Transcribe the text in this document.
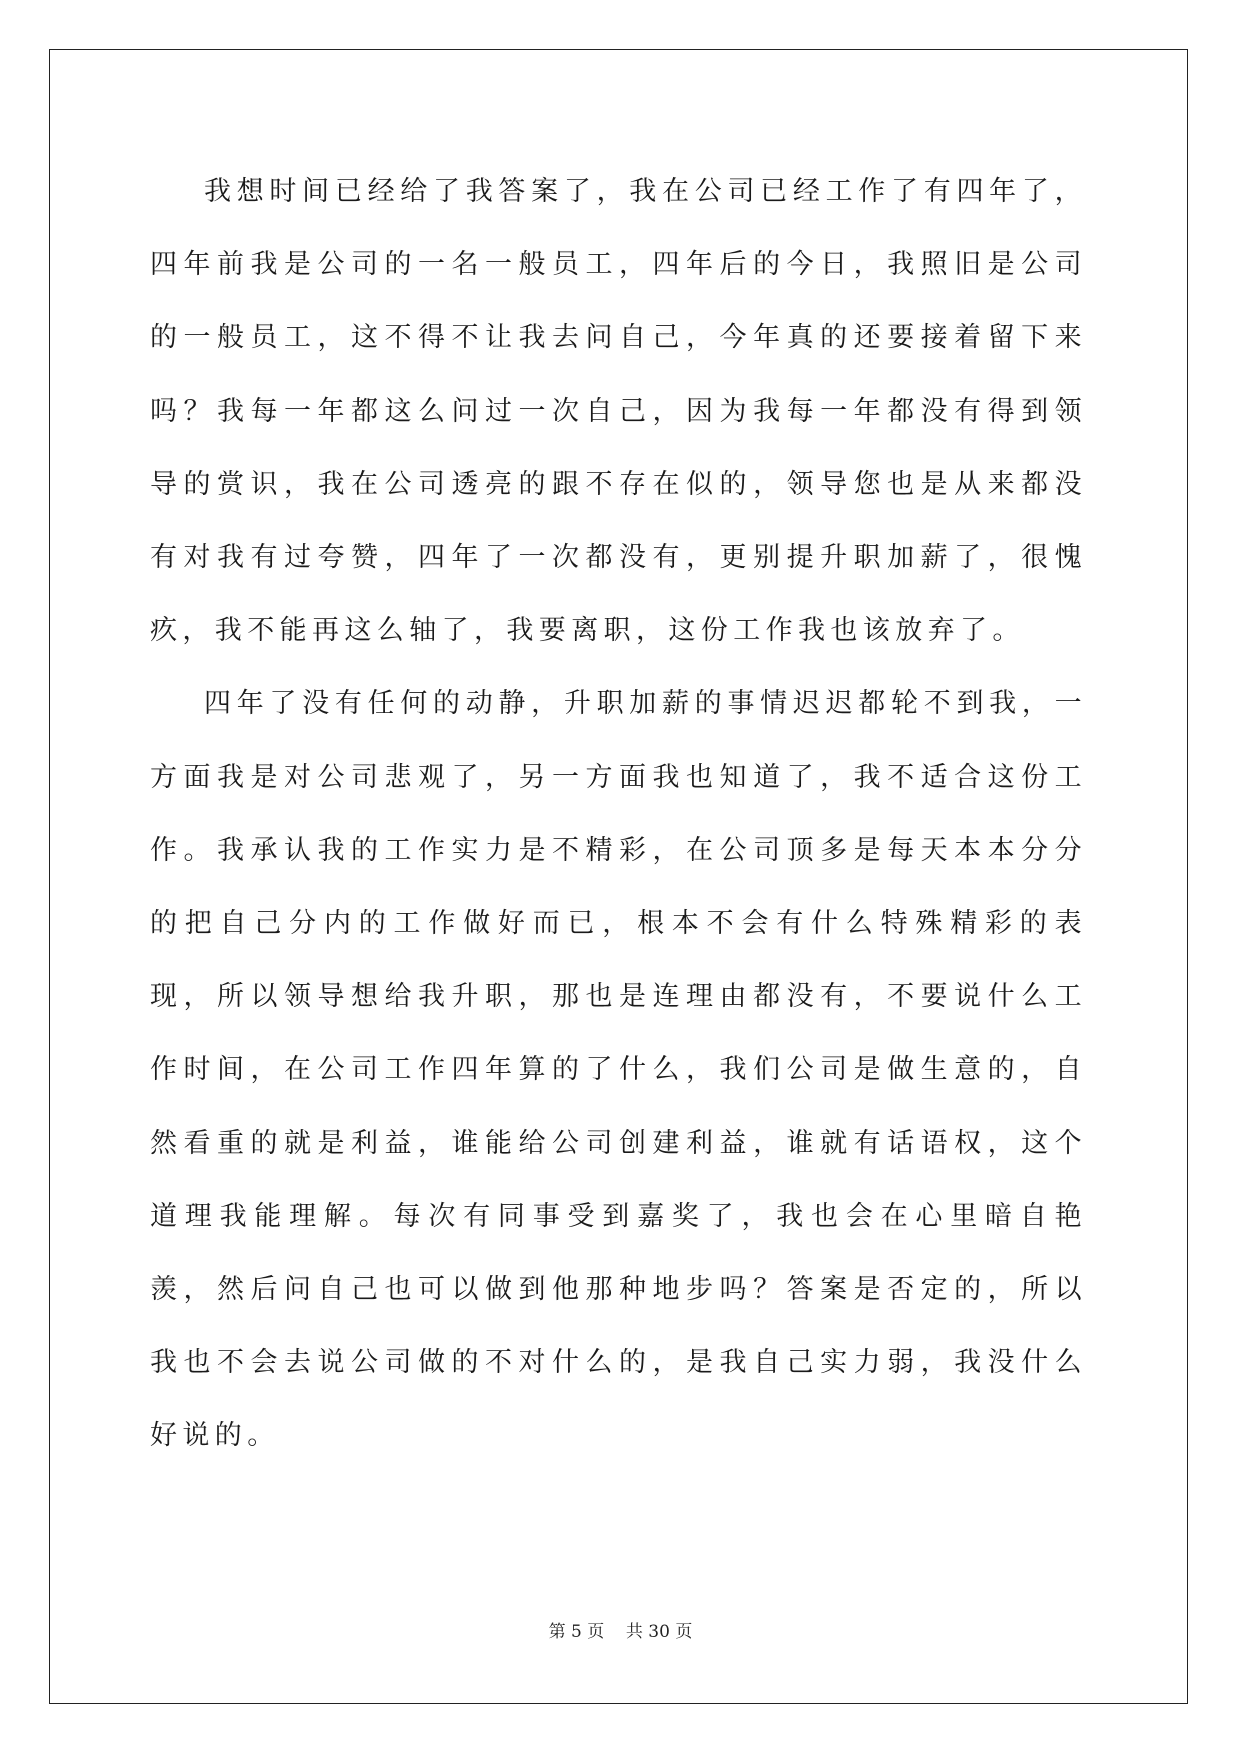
我想时间已经给了我答案了，我在公司已经工作了有四年了，四年前我是公司的一名一般员工，四年后的今日，我照旧是公司的一般员工，这不得不让我去问自己，今年真的还要接着留下来吗？我每一年都这么问过一次自己，因为我每一年都没有得到领导的赏识，我在公司透亮的跟不存在似的，领导您也是从来都没有对我有过夸赞，四年了一次都没有，更别提升职加薪了，很愧疚，我不能再这么轴了，我要离职，这份工作我也该放弃了。

四年了没有任何的动静，升职加薪的事情迟迟都轮不到我，一方面我是对公司悲观了，另一方面我也知道了，我不适合这份工作。我承认我的工作实力是不精彩，在公司顶多是每天本本分分的把自己分内的工作做好而已，根本不会有什么特殊精彩的表现，所以领导想给我升职，那也是连理由都没有，不要说什么工作时间，在公司工作四年算的了什么，我们公司是做生意的，自然看重的就是利益，谁能给公司创建利益，谁就有话语权，这个道理我能理解。每次有同事受到嘉奖了，我也会在心里暗自艳羡，然后问自己也可以做到他那种地步吗？答案是否定的，所以我也不会去说公司做的不对什么的，是我自己实力弱，我没什么好说的。

第 5 页 共 30 页
